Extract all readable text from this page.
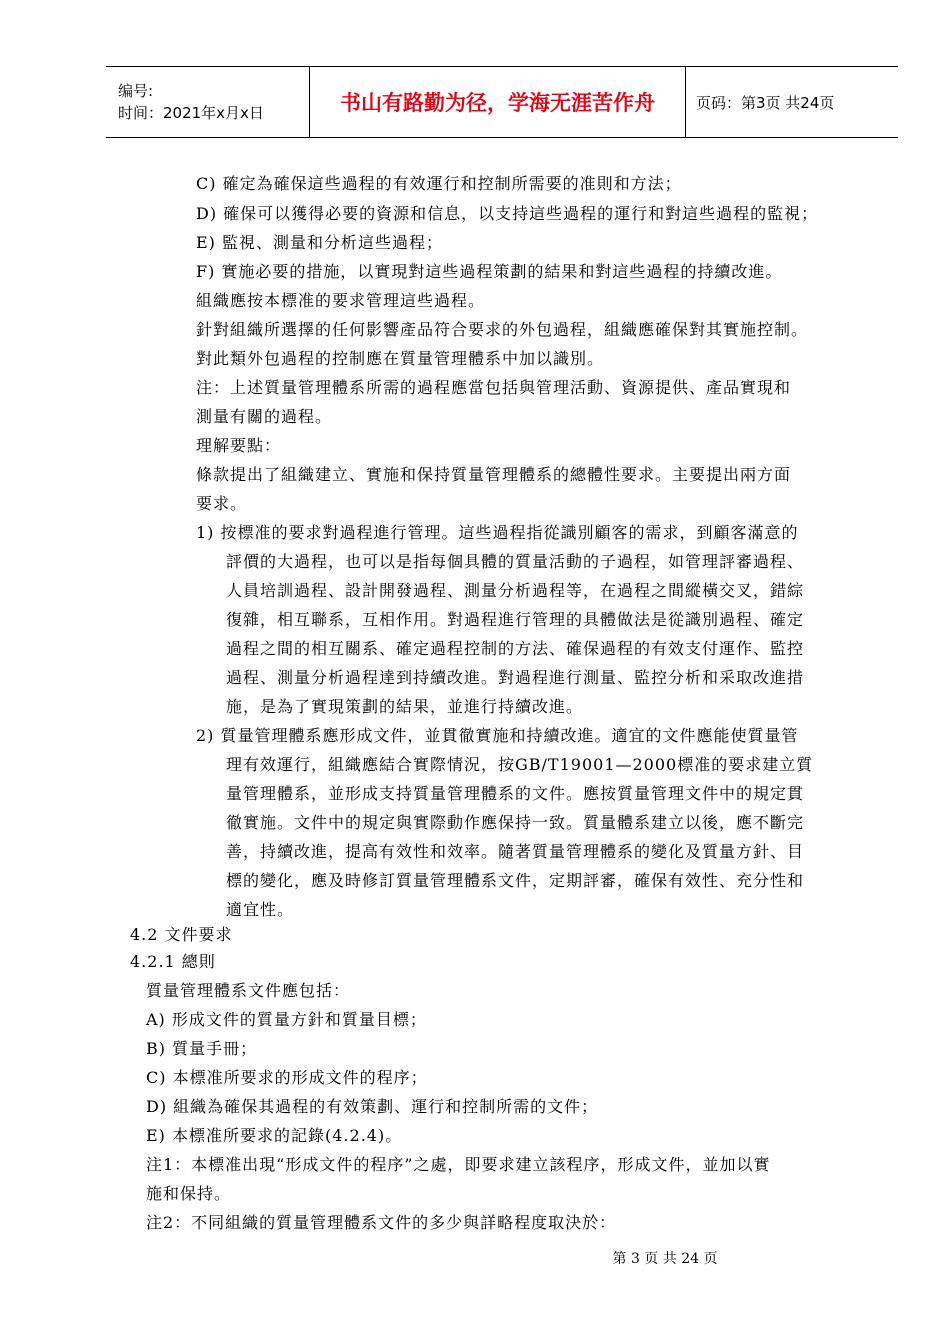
编号:
时间：2021年x月x日	书山有路勤为径，学海无涯苦作舟	页码：第3页 共24页
C) 確定為確保這些過程的有效運行和控制所需要的准則和方法；
D) 確保可以獲得必要的資源和信息，以支持這些過程的運行和對這些過程的監視；
E) 監視、測量和分析這些過程；
F) 實施必要的措施，以實現對這些過程策劃的結果和對這些過程的持續改進。
組織應按本標准的要求管理這些過程。
針對組織所選擇的任何影響產品符合要求的外包過程，組織應確保對其實施控制。
對此類外包過程的控制應在質量管理體系中加以識別。
注：上述質量管理體系所需的過程應當包括與管理活動、資源提供、產品實現和
測量有關的過程。
理解要點：
條款提出了組織建立、實施和保持質量管理體系的總體性要求。主要提出兩方面
要求。
1) 按標准的要求對過程進行管理。這些過程指從識別顧客的需求，到顧客滿意的
評價的大過程，也可以是指每個具體的質量活動的子過程，如管理評審過程、
人員培訓過程、設計開發過程、測量分析過程等，在過程之間縱橫交叉，錯綜
復雜，相互聯系，互相作用。對過程進行管理的具體做法是從識別過程、確定
過程之間的相互關系、確定過程控制的方法、確保過程的有效支付運作、監控
過程、測量分析過程達到持續改進。對過程進行測量、監控分析和采取改進措
施，是為了實現策劃的結果，並進行持續改進。
2) 質量管理體系應形成文件，並貫徹實施和持續改進。適宜的文件應能使質量管
理有效運行，組織應結合實際情況，按GB/T19001—2000標准的要求建立質
量管理體系，並形成支持質量管理體系的文件。應按質量管理文件中的規定貫
徹實施。文件中的規定與實際動作應保持一致。質量體系建立以後，應不斷完
善，持續改進，提高有效性和效率。隨著質量管理體系的變化及質量方針、目
標的變化，應及時修訂質量管理體系文件，定期評審，確保有效性、充分性和
適宜性。
4.2 文件要求
4.2.1 總則
質量管理體系文件應包括：
A) 形成文件的質量方針和質量目標；
B) 質量手冊；
C) 本標准所要求的形成文件的程序；
D) 組織為確保其過程的有效策劃、運行和控制所需的文件；
E) 本標准所要求的記錄(4.2.4)。
注1：本標准出現“形成文件的程序”之處，即要求建立該程序，形成文件，並加以實
施和保持。
注2：不同組織的質量管理體系文件的多少與詳略程度取決於：
第 3 页 共 24 页
